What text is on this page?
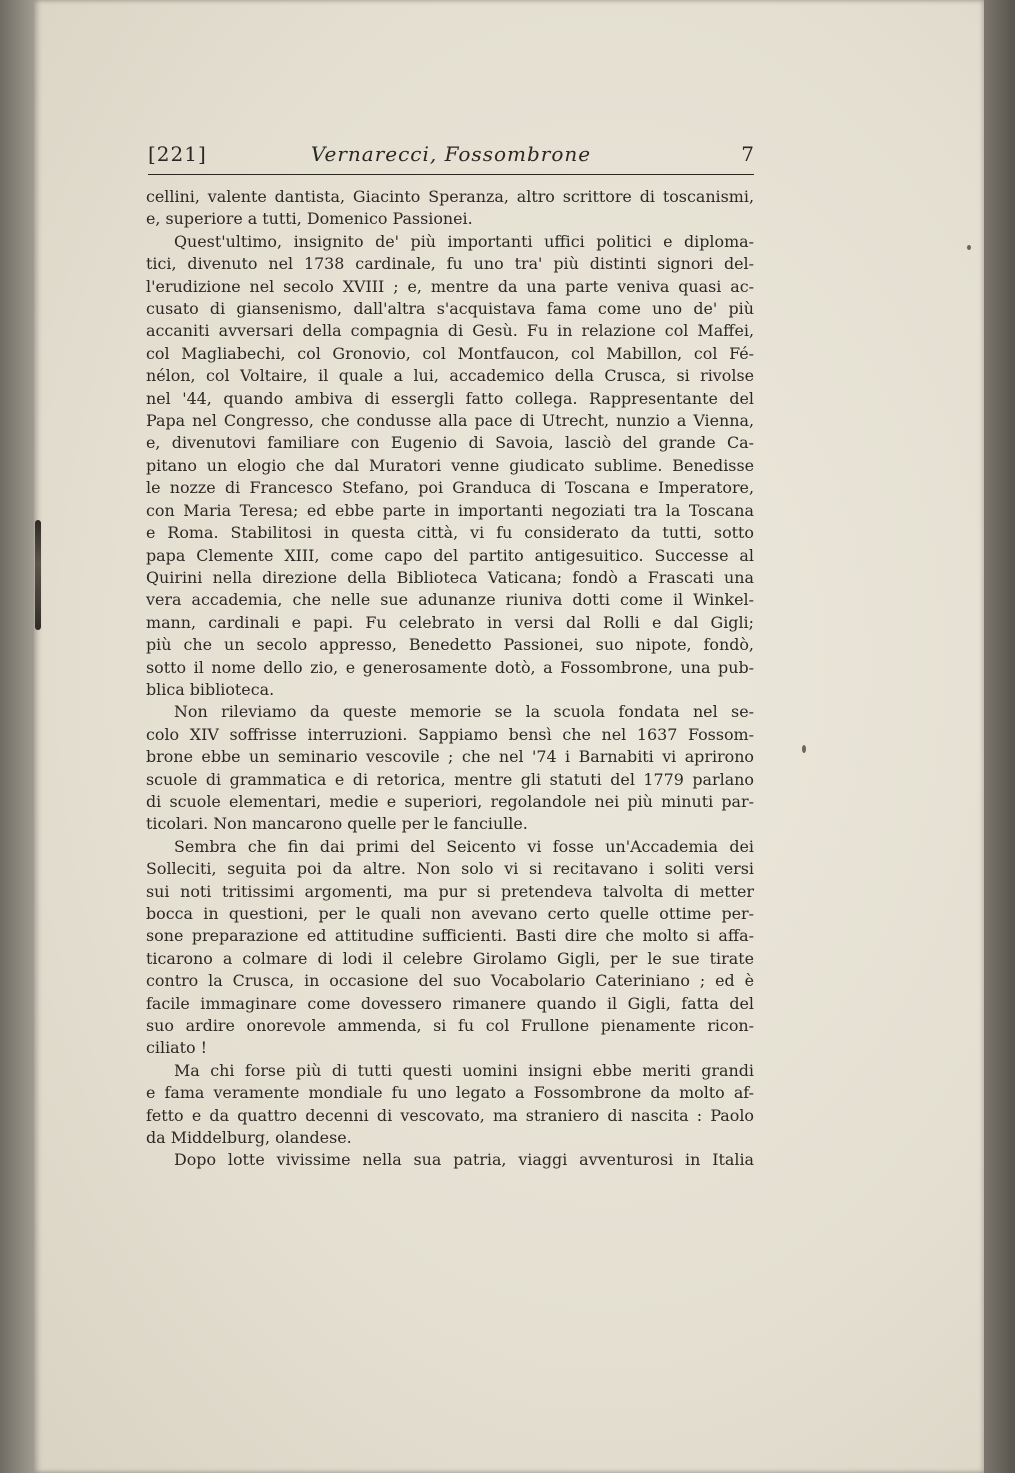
[221]	Vernarecci, Fossombrone	7

cellini, valente dantista, Giacinto Speranza, altro scrittore di toscanismi,
e, superiore a tutti, Domenico Passionei.
Quest'ultimo, insignito de' più importanti uffici politici e diploma-
tici, divenuto nel 1738 cardinale, fu uno tra' più distinti signori del-
l'erudizione nel secolo XVIII ; e, mentre da una parte veniva quasi ac-
cusato di giansenismo, dall'altra s'acquistava fama come uno de' più
accaniti avversari della compagnia di Gesù. Fu in relazione col Maffei,
col Magliabechi, col Gronovio, col Montfaucon, col Mabillon, col Fé-
nélon, col Voltaire, il quale a lui, accademico della Crusca, si rivolse
nel '44, quando ambiva di essergli fatto collega. Rappresentante del
Papa nel Congresso, che condusse alla pace di Utrecht, nunzio a Vienna,
e, divenutovi familiare con Eugenio di Savoia, lasciò del grande Ca-
pitano un elogio che dal Muratori venne giudicato sublime. Benedisse
le nozze di Francesco Stefano, poi Granduca di Toscana e Imperatore,
con Maria Teresa; ed ebbe parte in importanti negoziati tra la Toscana
e Roma. Stabilitosi in questa città, vi fu considerato da tutti, sotto
papa Clemente XIII, come capo del partito antigesuitico. Successe al
Quirini nella direzione della Biblioteca Vaticana; fondò a Frascati una
vera accademia, che nelle sue adunanze riuniva dotti come il Winkel-
mann, cardinali e papi. Fu celebrato in versi dal Rolli e dal Gigli;
più che un secolo appresso, Benedetto Passionei, suo nipote, fondò,
sotto il nome dello zio, e generosamente dotò, a Fossombrone, una pub-
blica biblioteca.
Non rileviamo da queste memorie se la scuola fondata nel se-
colo XIV soffrisse interruzioni. Sappiamo bensì che nel 1637 Fossom-
brone ebbe un seminario vescovile ; che nel '74 i Barnabiti vi aprirono
scuole di grammatica e di retorica, mentre gli statuti del 1779 parlano
di scuole elementari, medie e superiori, regolandole nei più minuti par-
ticolari. Non mancarono quelle per le fanciulle.
Sembra che fin dai primi del Seicento vi fosse un'Accademia dei
Solleciti, seguita poi da altre. Non solo vi si recitavano i soliti versi
sui noti tritissimi argomenti, ma pur si pretendeva talvolta di metter
bocca in questioni, per le quali non avevano certo quelle ottime per-
sone preparazione ed attitudine sufficienti. Basti dire che molto si affa-
ticarono a colmare di lodi il celebre Girolamo Gigli, per le sue tirate
contro la Crusca, in occasione del suo Vocabolario Cateriniano ; ed è
facile immaginare come dovessero rimanere quando il Gigli, fatta del
suo ardire onorevole ammenda, si fu col Frullone pienamente ricon-
ciliato !
Ma chi forse più di tutti questi uomini insigni ebbe meriti grandi
e fama veramente mondiale fu uno legato a Fossombrone da molto af-
fetto e da quattro decenni di vescovato, ma straniero di nascita : Paolo
da Middelburg, olandese.
Dopo lotte vivissime nella sua patria, viaggi avventurosi in Italia
